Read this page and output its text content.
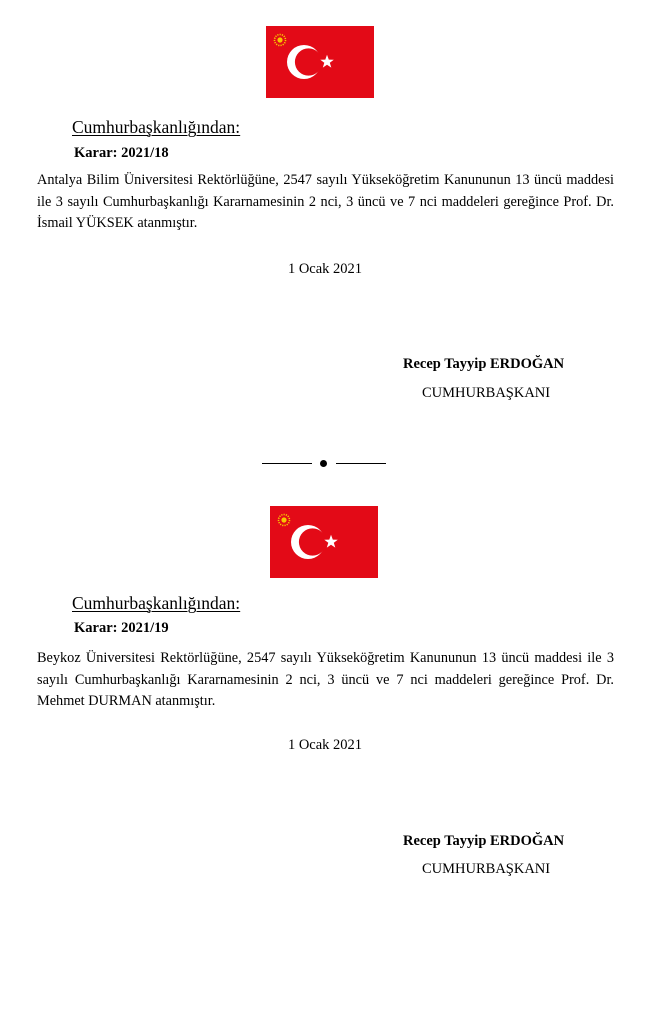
Cumhurbaşkanlığından:
Karar: 2021/18
Antalya Bilim Üniversitesi Rektörlüğüne, 2547 sayılı Yükseköğretim Kanununun 13 üncü maddesi ile 3 sayılı Cumhurbaşkanlığı Kararnamesinin 2 nci, 3 üncü ve 7 nci maddeleri gereğince Prof. Dr. İsmail YÜKSEK atanmıştır.
1 Ocak 2021
Recep Tayyip ERDOĞAN
CUMHURBAŞKANI
Cumhurbaşkanlığından:
Karar: 2021/19
Beykoz Üniversitesi Rektörlüğüne, 2547 sayılı Yükseköğretim Kanununun 13 üncü maddesi ile 3 sayılı Cumhurbaşkanlığı Kararnamesinin 2 nci, 3 üncü ve 7 nci maddeleri gereğince Prof. Dr. Mehmet DURMAN atanmıştır.
1 Ocak 2021
Recep Tayyip ERDOĞAN
CUMHURBAŞKANI
